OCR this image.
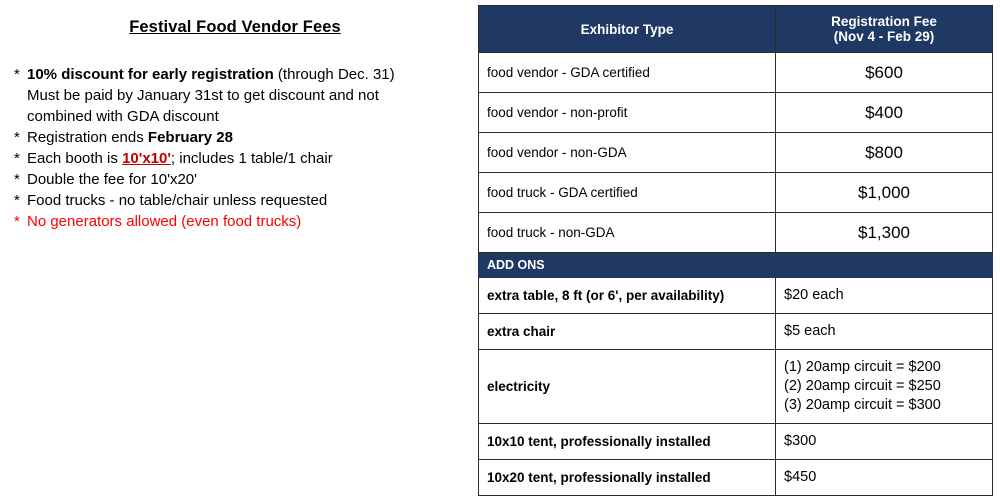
Festival Food Vendor Fees
* 10% discount for early registration (through Dec. 31)
Must be paid by January 31st to get discount and not
combined with GDA discount
* Registration ends February 28
* Each booth is 10'x10'; includes 1 table/1 chair
* Double the fee for 10'x20'
* Food trucks - no table/chair unless requested
* No generators allowed (even food trucks)
Exhibitor Type	Registration Fee
(Nov 4 - Feb 29)

food vendor - GDA certified	$600
food vendor - non-profit	$400
food vendor - non-GDA	$800
food truck - GDA certified	$1,000
food truck - non-GDA	$1,300
ADD ONS	
extra table, 8 ft (or 6', per availability)	$20 each

extra chair	$5 each

electricity	(1) 20amp circuit = $200
(2) 20amp circuit = $250
(3) 20amp circuit = $300

10x10 tent, professionally installed	$300

10x20 tent, professionally installed	$450
